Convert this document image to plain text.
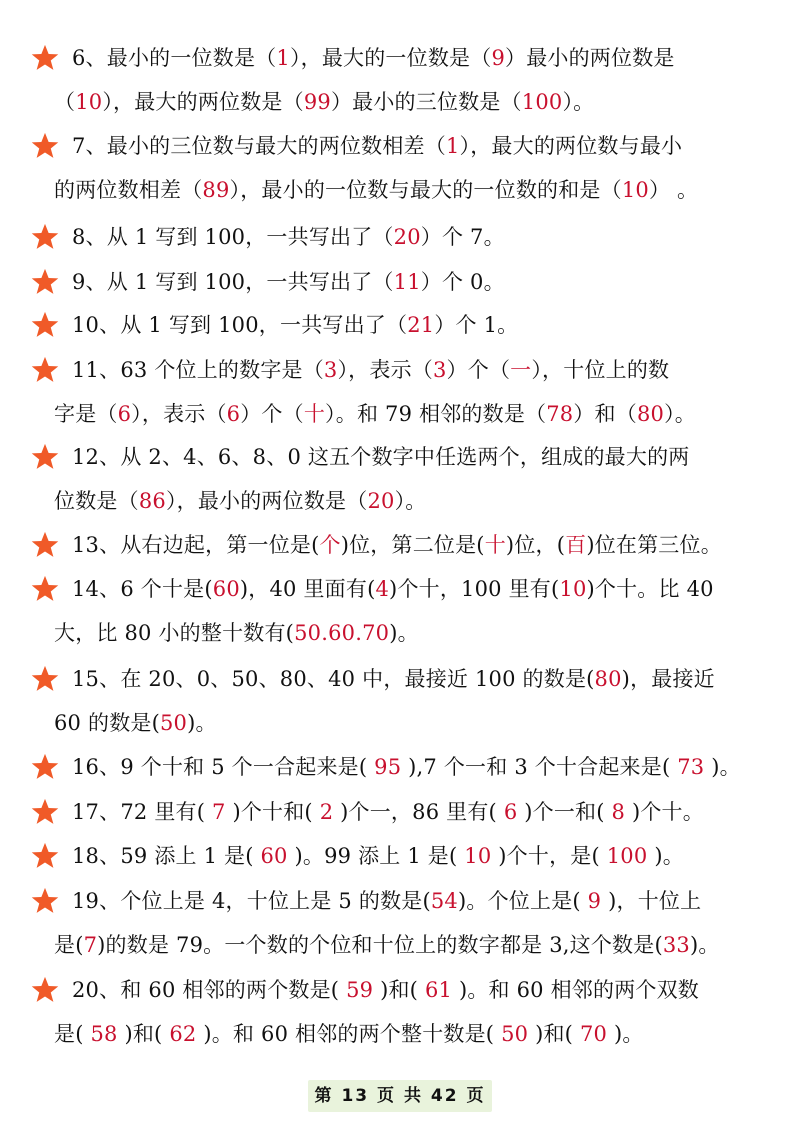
6、最小的一位数是（1），最大的一位数是（9）最小的两位数是
（10），最大的两位数是（99）最小的三位数是（100）。
7、最小的三位数与最大的两位数相差（1），最大的两位数与最小
的两位数相差（89），最小的一位数与最大的一位数的和是（10） 。
8、从 1 写到 100，一共写出了（20）个 7。
9、从 1 写到 100，一共写出了（11）个 0。
10、从 1 写到 100，一共写出了（21）个 1。
11、63 个位上的数字是（3），表示（3）个（一），十位上的数
字是（6），表示（6）个（十）。和 79 相邻的数是（78）和（80）。
12、从 2、4、6、8、0 这五个数字中任选两个，组成的最大的两
位数是（86），最小的两位数是（20）。
13、从右边起，第一位是(个)位，第二位是(十)位，(百)位在第三位。
14、6 个十是(60)，40 里面有(4)个十，100 里有(10)个十。比 40
大，比 80 小的整十数有(50.60.70)。
15、在 20、0、50、80、40 中，最接近 100 的数是(80)，最接近
60 的数是(50)。
16、9 个十和 5 个一合起来是( 95 ),7 个一和 3 个十合起来是( 73 )。
17、72 里有( 7 )个十和( 2 )个一，86 里有( 6 )个一和( 8 )个十。
18、59 添上 1 是( 60 )。99 添上 1 是( 10 )个十，是( 100 )。
19、个位上是 4，十位上是 5 的数是(54)。个位上是( 9 )，十位上
是(7)的数是 79。一个数的个位和十位上的数字都是 3,这个数是(33)。
20、和 60 相邻的两个数是( 59 )和( 61 )。和 60 相邻的两个双数
是( 58 )和( 62 )。和 60 相邻的两个整十数是( 50 )和( 70 )。
第 13 页 共 42 页
